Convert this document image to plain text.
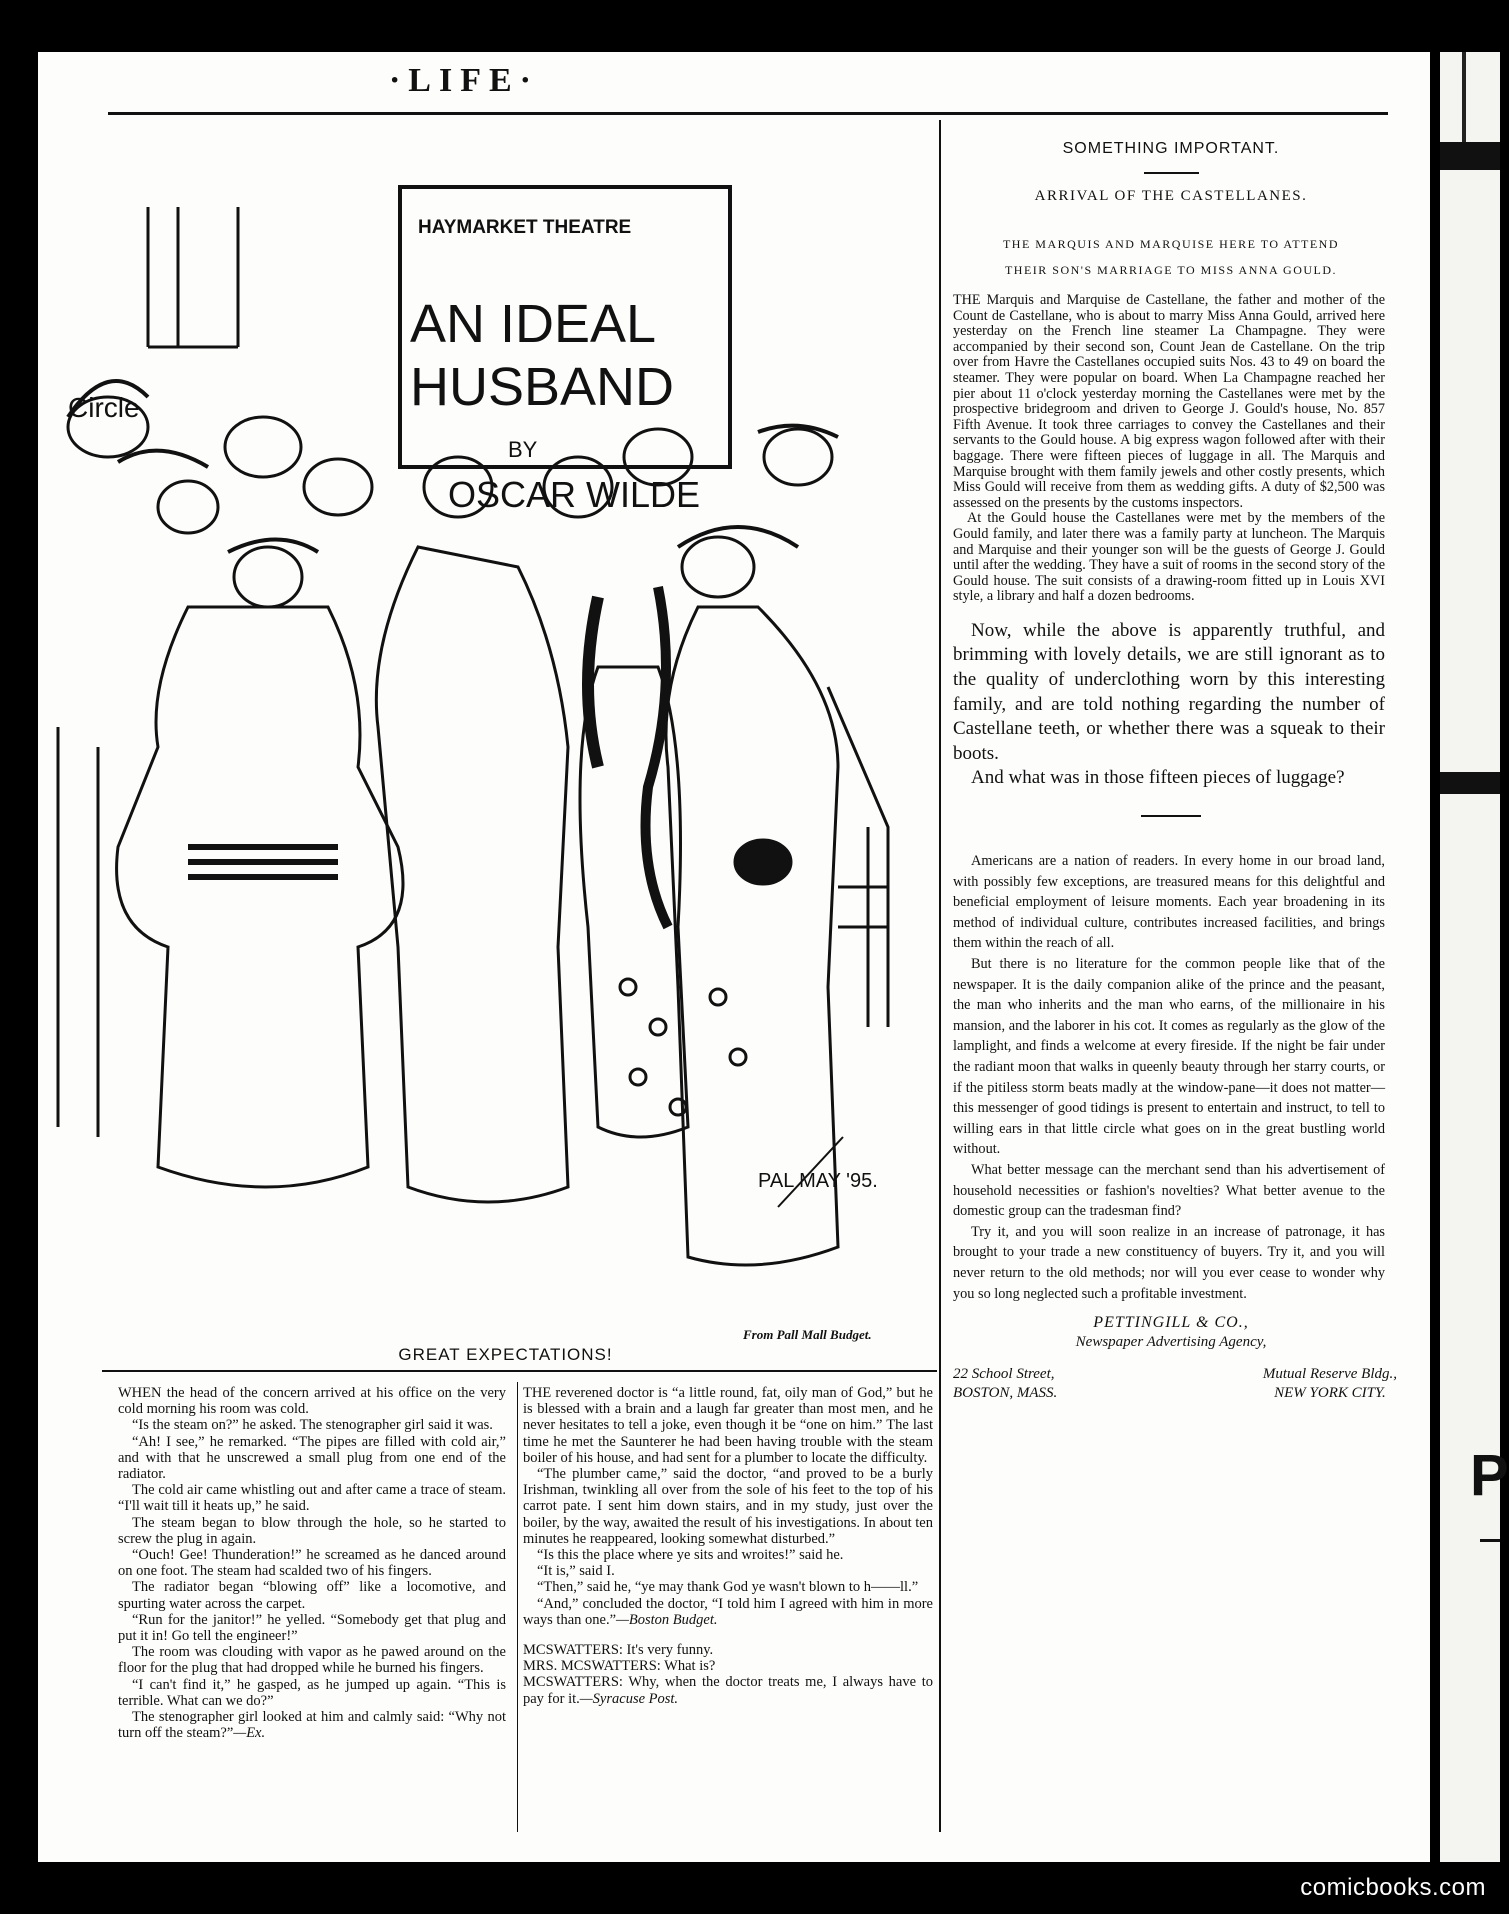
·LIFE·
HAYMARKET THEATRE
AN IDEAL
HUSBAND
BY
OSCAR WILDE
Circle
PAL MAY '95.
From Pall Mall Budget.
GREAT EXPECTATIONS!

WHEN the head of the concern arrived at his office on the very cold morning his room was cold.

“Is the steam on?” he asked. The stenographer girl said it was.

“Ah! I see,” he remarked. “The pipes are filled with cold air,” and with that he unscrewed a small plug from one end of the radiator.

The cold air came whistling out and after came a trace of steam. “I'll wait till it heats up,” he said.

The steam began to blow through the hole, so he started to screw the plug in again.

“Ouch! Gee! Thunderation!” he screamed as he danced around on one foot. The steam had scalded two of his fingers.

The radiator began “blowing off” like a locomotive, and spurting water across the carpet.

“Run for the janitor!” he yelled. “Somebody get that plug and put it in! Go tell the engineer!”

The room was clouding with vapor as he pawed around on the floor for the plug that had dropped while he burned his fingers.

“I can't find it,” he gasped, as he jumped up again. “This is terrible. What can we do?”

The stenographer girl looked at him and calmly said: “Why not turn off the steam?”—Ex.

THE reverened doctor is “a little round, fat, oily man of God,” but he is blessed with a brain and a laugh far greater than most men, and he never hesitates to tell a joke, even though it be “one on him.” The last time he met the Saunterer he had been having trouble with the steam boiler of his house, and had sent for a plumber to locate the difficulty.

“The plumber came,” said the doctor, “and proved to be a burly Irishman, twinkling all over from the sole of his feet to the top of his carrot pate. I sent him down stairs, and in my study, just over the boiler, by the way, awaited the result of his investigations. In about ten minutes he reappeared, looking somewhat disturbed.”

“Is this the place where ye sits and wroites!” said he.

“It is,” said I.

“Then,” said he, “ye may thank God ye wasn't blown to h——ll.”

“And,” concluded the doctor, “I told him I agreed with him in more ways than one.”—Boston Budget.

MCSWATTERS: It's very funny.

MRS. MCSWATTERS: What is?

MCSWATTERS: Why, when the doctor treats me, I always have to pay for it.—Syracuse Post.

SOMETHING IMPORTANT.
ARRIVAL OF THE CASTELLANES.
THE MARQUIS AND MARQUISE HERE TO ATTEND
THEIR SON'S MARRIAGE TO MISS ANNA GOULD.

THE Marquis and Marquise de Castellane, the father and mother of the Count de Castellane, who is about to marry Miss Anna Gould, arrived here yesterday on the French line steamer La Champagne. They were accompanied by their second son, Count Jean de Castellane. On the trip over from Havre the Castellanes occupied suits Nos. 43 to 49 on board the steamer. They were popular on board. When La Champagne reached her pier about 11 o'clock yesterday morning the Castellanes were met by the prospective bridegroom and driven to George J. Gould's house, No. 857 Fifth Avenue. It took three carriages to convey the Castellanes and their servants to the Gould house. A big express wagon followed after with their baggage. There were fifteen pieces of luggage in all. The Marquis and Marquise brought with them family jewels and other costly presents, which Miss Gould will receive from them as wedding gifts. A duty of $2,500 was assessed on the presents by the customs inspectors.

At the Gould house the Castellanes were met by the members of the Gould family, and later there was a family party at luncheon. The Marquis and Marquise and their younger son will be the guests of George J. Gould until after the wedding. They have a suit of rooms in the second story of the Gould house. The suit consists of a drawing-room fitted up in Louis XVI style, a library and half a dozen bedrooms.

Now, while the above is apparently truthful, and brimming with lovely details, we are still ignorant as to the quality of underclothing worn by this interesting family, and are told nothing regarding the number of Castellane teeth, or whether there was a squeak to their boots.

And what was in those fifteen pieces of luggage?

Americans are a nation of readers. In every home in our broad land, with possibly few exceptions, are treasured means for this delightful and beneficial employment of leisure moments. Each year broadening in its method of individual culture, contributes increased facilities, and brings them within the reach of all.

But there is no literature for the common people like that of the newspaper. It is the daily companion alike of the prince and the peasant, the man who inherits and the man who earns, of the millionaire in his mansion, and the laborer in his cot. It comes as regularly as the glow of the lamplight, and finds a welcome at every fireside. If the night be fair under the radiant moon that walks in queenly beauty through her starry courts, or if the pitiless storm beats madly at the window-pane—it does not matter—this messenger of good tidings is present to entertain and instruct, to tell to willing ears in that little circle what goes on in the great bustling world without.

What better message can the merchant send than his advertisement of household necessities or fashion's novelties? What better avenue to the domestic group can the tradesman find?

Try it, and you will soon realize in an increase of patronage, it has brought to your trade a new constituency of buyers. Try it, and you will never return to the old methods; nor will you ever cease to wonder why you so long neglected such a profitable investment.

PETTINGILL & CO.,
Newspaper Advertising Agency,
22 School Street,
BOSTON, MASS.
Mutual Reserve Bldg.,
NEW YORK CITY.
P
comicbooks.com
